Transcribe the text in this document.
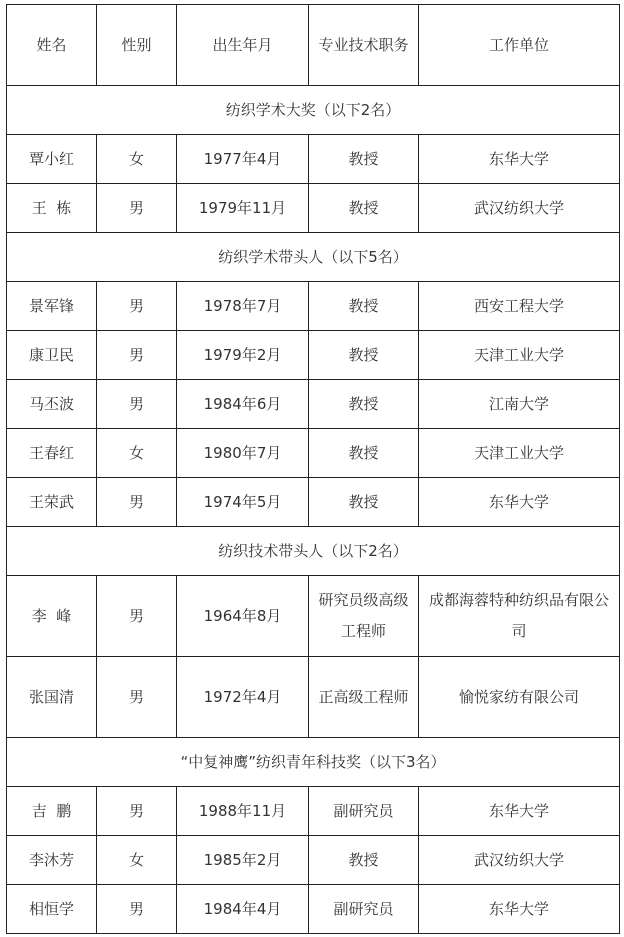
姓名	性别	出生年月	专业技术职务	工作单位
纺织学术大奖（以下2名）				
覃小红	女	1977年4月	教授	东华大学
王  栋	男	1979年11月	教授	武汉纺织大学
纺织学术带头人（以下5名）				
景军锋	男	1978年7月	教授	西安工程大学
康卫民	男	1979年2月	教授	天津工业大学
马丕波	男	1984年6月	教授	江南大学
王春红	女	1980年7月	教授	天津工业大学
王荣武	男	1974年5月	教授	东华大学
纺织技术带头人（以下2名）				
李  峰	男	1964年8月	研究员级高级工程师	成都海蓉特种纺织品有限公司
张国清	男	1972年4月	正高级工程师	愉悦家纺有限公司
“中复神鹰”纺织青年科技奖（以下3名）				
吉  鹏	男	1988年11月	副研究员	东华大学
李沐芳	女	1985年2月	教授	武汉纺织大学
相恒学	男	1984年4月	副研究员	东华大学
